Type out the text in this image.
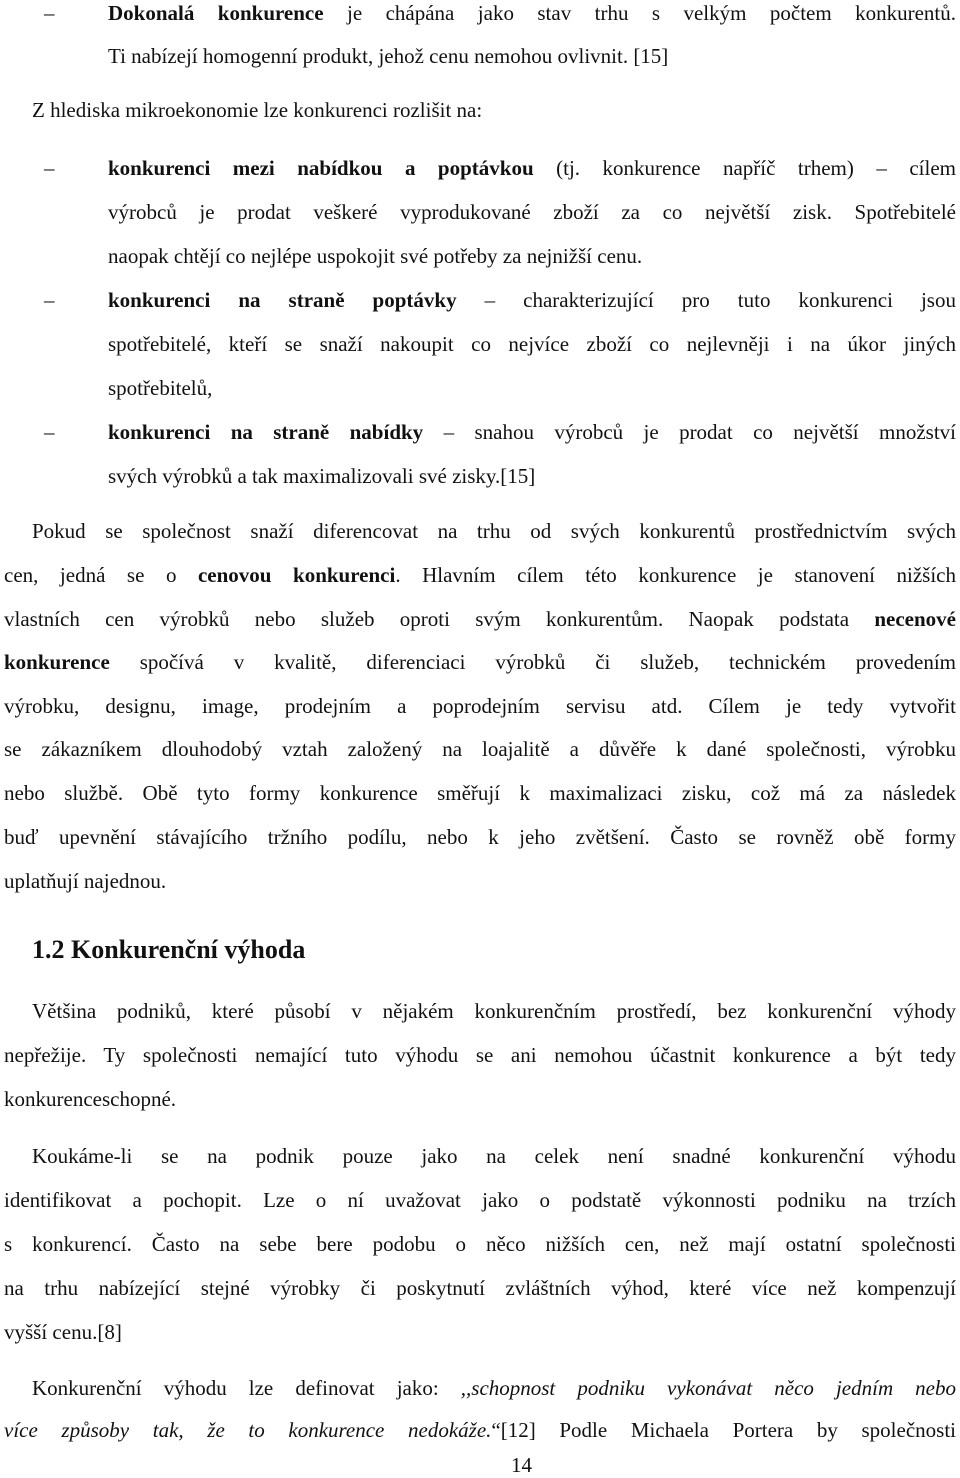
–	Dokonalá konkurence je chápána jako stav trhu s velkým počtem konkurentů.
Ti nabízejí homogenní produkt, jehož cenu nemohou ovlivnit. [15]
Z hlediska mikroekonomie lze konkurenci rozlišit na:
–	konkurenci mezi nabídkou a poptávkou (tj. konkurence napříč trhem) – cílem
výrobců je prodat veškeré vyprodukované zboží za co největší zisk. Spotřebitelé
naopak chtějí co nejlépe uspokojit své potřeby za nejnižší cenu.
–	konkurenci na straně poptávky – charakterizující pro tuto konkurenci jsou
spotřebitelé, kteří se snaží nakoupit co nejvíce zboží co nejlevněji i na úkor jiných
spotřebitelů,
–	konkurenci na straně nabídky – snahou výrobců je prodat co největší množství
svých výrobků a tak maximalizovali své zisky.[15]
Pokud se společnost snaží diferencovat na trhu od svých konkurentů prostřednictvím svých
cen, jedná se o cenovou konkurenci. Hlavním cílem této konkurence je stanovení nižších
vlastních cen výrobků nebo služeb oproti svým konkurentům. Naopak podstata necenové
konkurence spočívá v kvalitě, diferenciaci výrobků či služeb, technickém provedením
výrobku, designu, image, prodejním a poprodejním servisu atd. Cílem je tedy vytvořit
se zákazníkem dlouhodobý vztah založený na loajalitě a důvěře k dané společnosti, výrobku
nebo službě. Obě tyto formy konkurence směřují k maximalizaci zisku, což má za následek
buď upevnění stávajícího tržního podílu, nebo k jeho zvětšení. Často se rovněž obě formy
uplatňují najednou.
1.2 Konkurenční výhoda
Většina podniků, které působí v nějakém konkurenčním prostředí, bez konkurenční výhody
nepřežije. Ty společnosti nemající tuto výhodu se ani nemohou účastnit konkurence a být tedy
konkurenceschopné.
Koukáme-li se na podnik pouze jako na celek není snadné konkurenční výhodu
identifikovat a pochopit. Lze o ní uvažovat jako o podstatě výkonnosti podniku na trzích
s konkurencí. Často na sebe bere podobu o něco nižších cen, než mají ostatní společnosti
na trhu nabízející stejné výrobky či poskytnutí zvláštních výhod, které více než kompenzují
vyšší cenu.[8]
Konkurenční výhodu lze definovat jako: ,,schopnost podniku vykonávat něco jedním nebo
více způsoby tak, že to konkurence nedokáže.“[12] Podle Michaela Portera by společnosti
14
